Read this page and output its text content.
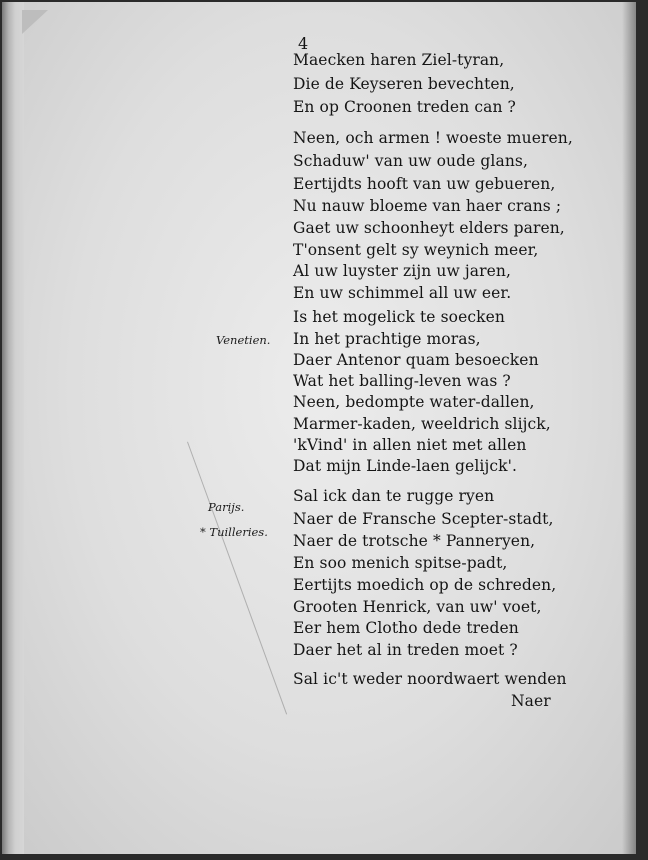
Venetien.
Parijs.
* Tuilleries.
4
Maecken haren Ziel-tyran,
Die de Keyseren bevechten,
En op Croonen treden can ?
Neen, och armen ! woeste mueren,
Schaduw' van uw oude glans,
Eertijdts hooft van uw gebueren,
Nu nauw bloeme van haer crans ;
Gaet uw schoonheyt elders paren,
T'onsent gelt sy weynich meer,
Al uw luyster zijn uw jaren,
En uw schimmel all uw eer.
Is het mogelick te soecken
In het prachtige moras,
Daer Antenor quam besoecken
Wat het balling-leven was ?
Neen, bedompte water-dallen,
Marmer-kaden, weeldrich slijck,
'kVind' in allen niet met allen
Dat mijn Linde-laen gelijck'.
Sal ick dan te rugge ryen
Naer de Fransche Scepter-stadt,
Naer de trotsche * Panneryen,
En soo menich spitse-padt,
Eertijts moedich op de schreden,
Grooten Henrick, van uw' voet,
Eer hem Clotho dede treden
Daer het al in treden moet ?
Sal ic't weder noordwaert wenden
Naer
